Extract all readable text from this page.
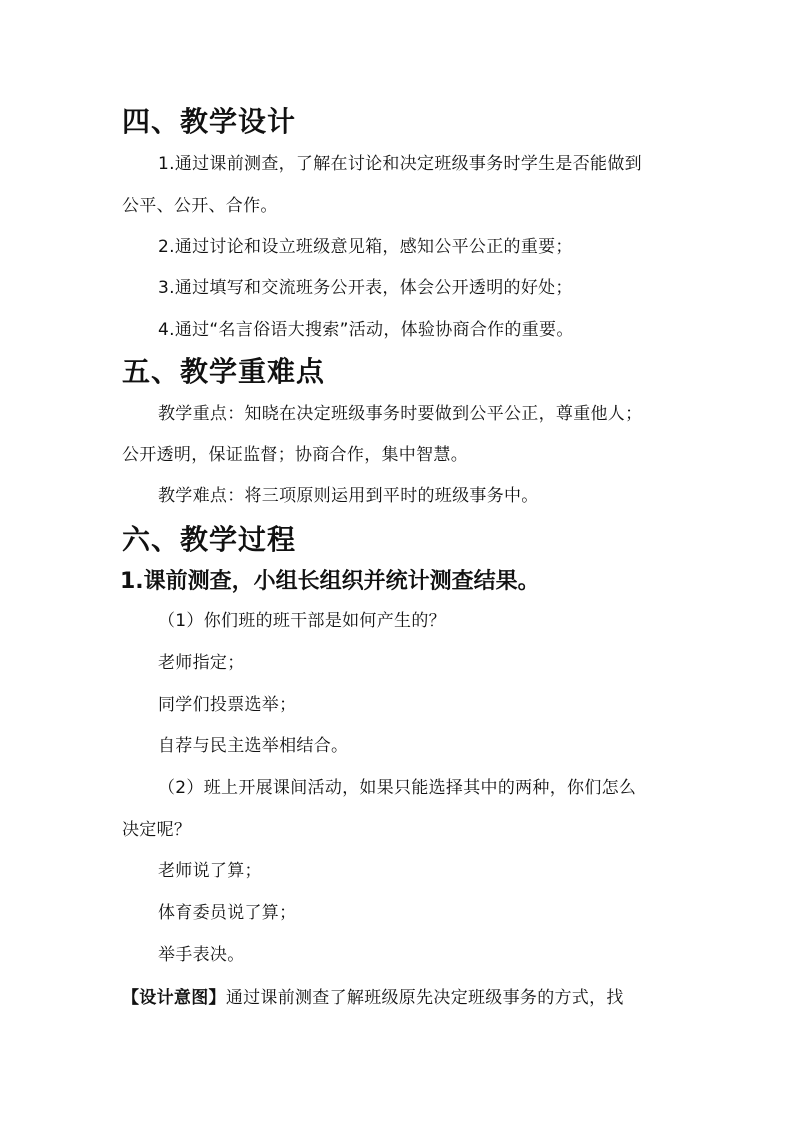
四、教学设计
1.通过课前测查，了解在讨论和决定班级事务时学生是否能做到
公平、公开、合作。
2.通过讨论和设立班级意见箱，感知公平公正的重要；
3.通过填写和交流班务公开表，体会公开透明的好处；
4.通过“名言俗语大搜索”活动，体验协商合作的重要。
五、教学重难点
教学重点：知晓在决定班级事务时要做到公平公正，尊重他人；
公开透明，保证监督；协商合作，集中智慧。
教学难点：将三项原则运用到平时的班级事务中。
六、教学过程
1.课前测查，小组长组织并统计测查结果。
（1）你们班的班干部是如何产生的？
老师指定；
同学们投票选举；
自荐与民主选举相结合。
（2）班上开展课间活动，如果只能选择其中的两种，你们怎么
决定呢？
老师说了算；
体育委员说了算；
举手表决。
【设计意图】通过课前测查了解班级原先决定班级事务的方式，找
